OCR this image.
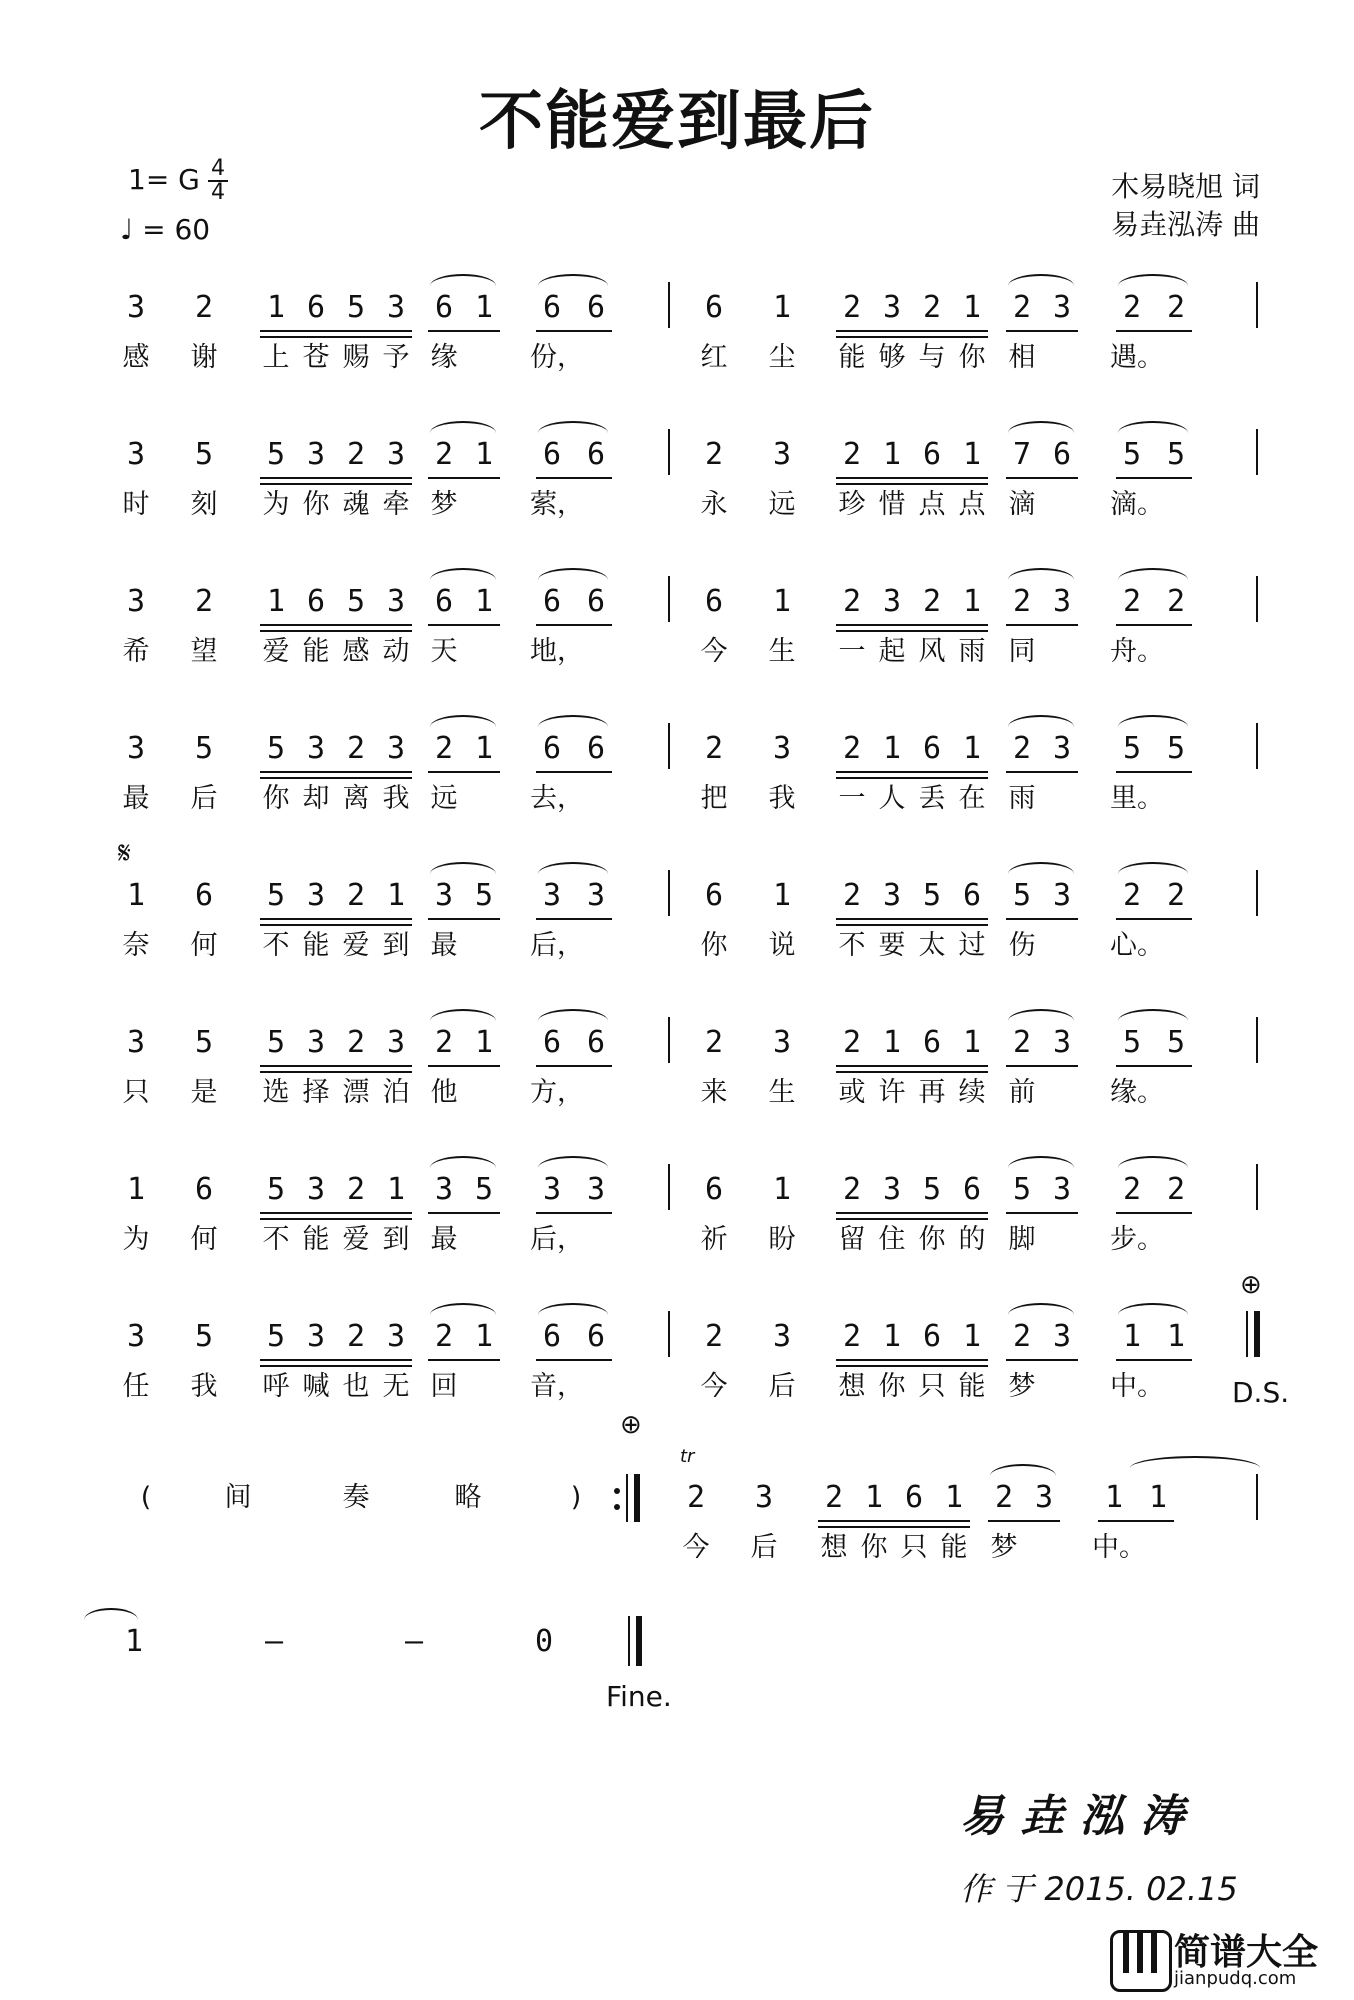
不能爱到最后
1= G 4
4
♩ = 60
木易晓旭 词
易垚泓涛 曲
𝄋
D.S.
⊕
⊕
tr
Fine.
易垚泓涛
作 于 2015. 02.15
简谱大全
jianpudq.com
3 2 1 6 5 3 6 1 6 6	6 1 2 3 2 1 2 3 2 2
感 谢 上 苍 赐 予 缘	份，	红 尘 能 够 与 你 相	遇。
3 5 5 3 2 3 2 1 6 6	2 3 2 1 6 1 7 6 5 5
时 刻 为 你 魂 牵 梦	萦，	永 远 珍 惜 点 点 滴	滴。
3 2 1 6 5 3 6 1 6 6	6 1 2 3 2 1 2 3 2 2
希 望 爱 能 感 动 天	地，	今 生 一 起 风 雨 同	舟。
3 5 5 3 2 3 2 1 6 6	2 3 2 1 6 1 2 3 5 5
最 后 你 却 离 我 远	去，	把 我 一 人 丢 在 雨	里。
1 6 5 3 2 1 3 5 3 3	6 1 2 3 5 6 5 3 2 2
奈 何 不 能 爱 到 最	后，	你 说 不 要 太 过 伤	心。
3 5 5 3 2 3 2 1 6 6	2 3 2 1 6 1 2 3 5 5
只 是 选 择 漂 泊 他	方，	来 生 或 许 再 续 前	缘。
1 6 5 3 2 1 3 5 3 3	6 1 2 3 5 6 5 3 2 2
为 何 不 能 爱 到 最	后，	祈 盼 留 住 你 的 脚	步。
3 5 5 3 2 3 2 1 6 6	2 3 2 1 6 1 2 3 1 1
任 我 呼 喊 也 无 回	音，	今 后 想 你 只 能 梦	中。
(	间	奏	略	)	2 3 2 1 6 1 2 3 1 1
今 后 想 你 只 能 梦	中。
1	–	–	0
